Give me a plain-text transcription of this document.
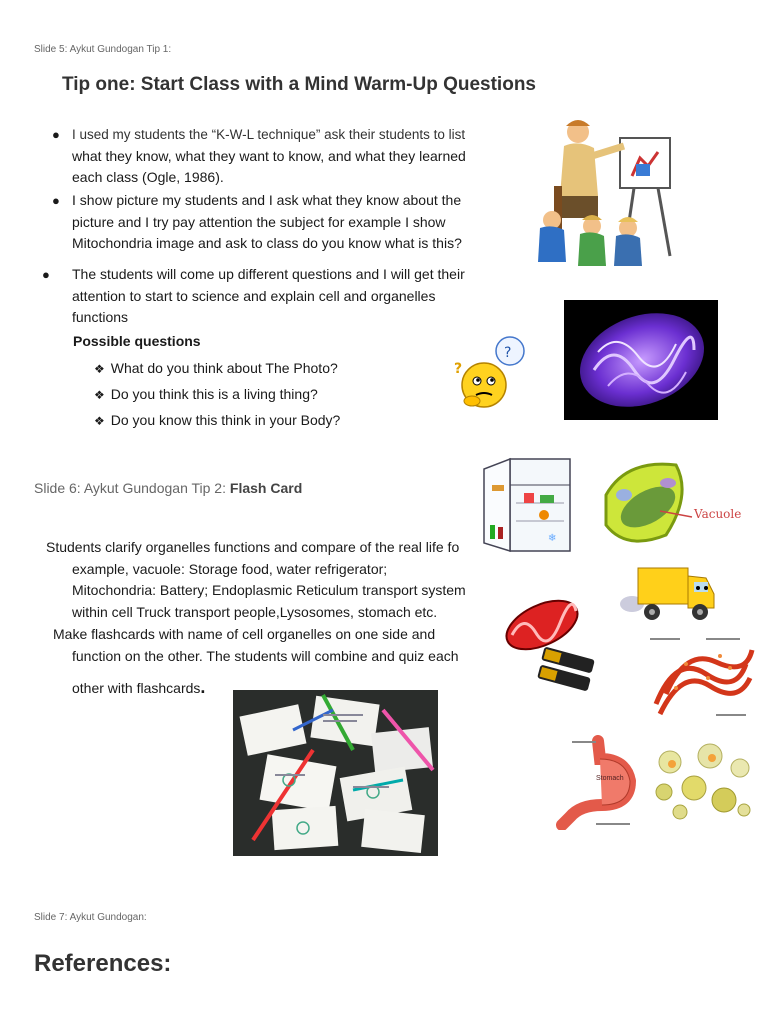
Slide 5: Aykut Gundogan Tip 1:
Tip one: Start Class with a Mind Warm-Up Questions
● I used my students the “K-W-L technique” ask their students to list
what they know, what they want to know, and what they learned
each class (Ogle, 1986).
● I show picture my students and I ask what they know about the
picture and I try pay attention the subject for example I show
Mitochondria image and ask to class do you know what is this?
● The students will come up different questions and I will get their
attention to start to science and explain cell and organelles
functions
Possible questions
❖ What do you think about The Photo?
❖ Do you think this is a living thing?
❖ Do you know this think in your Body?
?
?
Slide 6: Aykut Gundogan Tip 2: Flash Card
Students clarify organelles functions and compare of the real life fo
example, vacuole: Storage food, water refrigerator;
Mitochondria: Battery; Endoplasmic Reticulum transport system
within cell Truck transport people,Lysosomes, stomach etc.
Make flashcards with name of cell organelles on one side and
function on the other. The students will combine and quiz each
other with flashcards.
❄
Vacuole
Stomach
Slide 7: Aykut Gundogan:
References:
